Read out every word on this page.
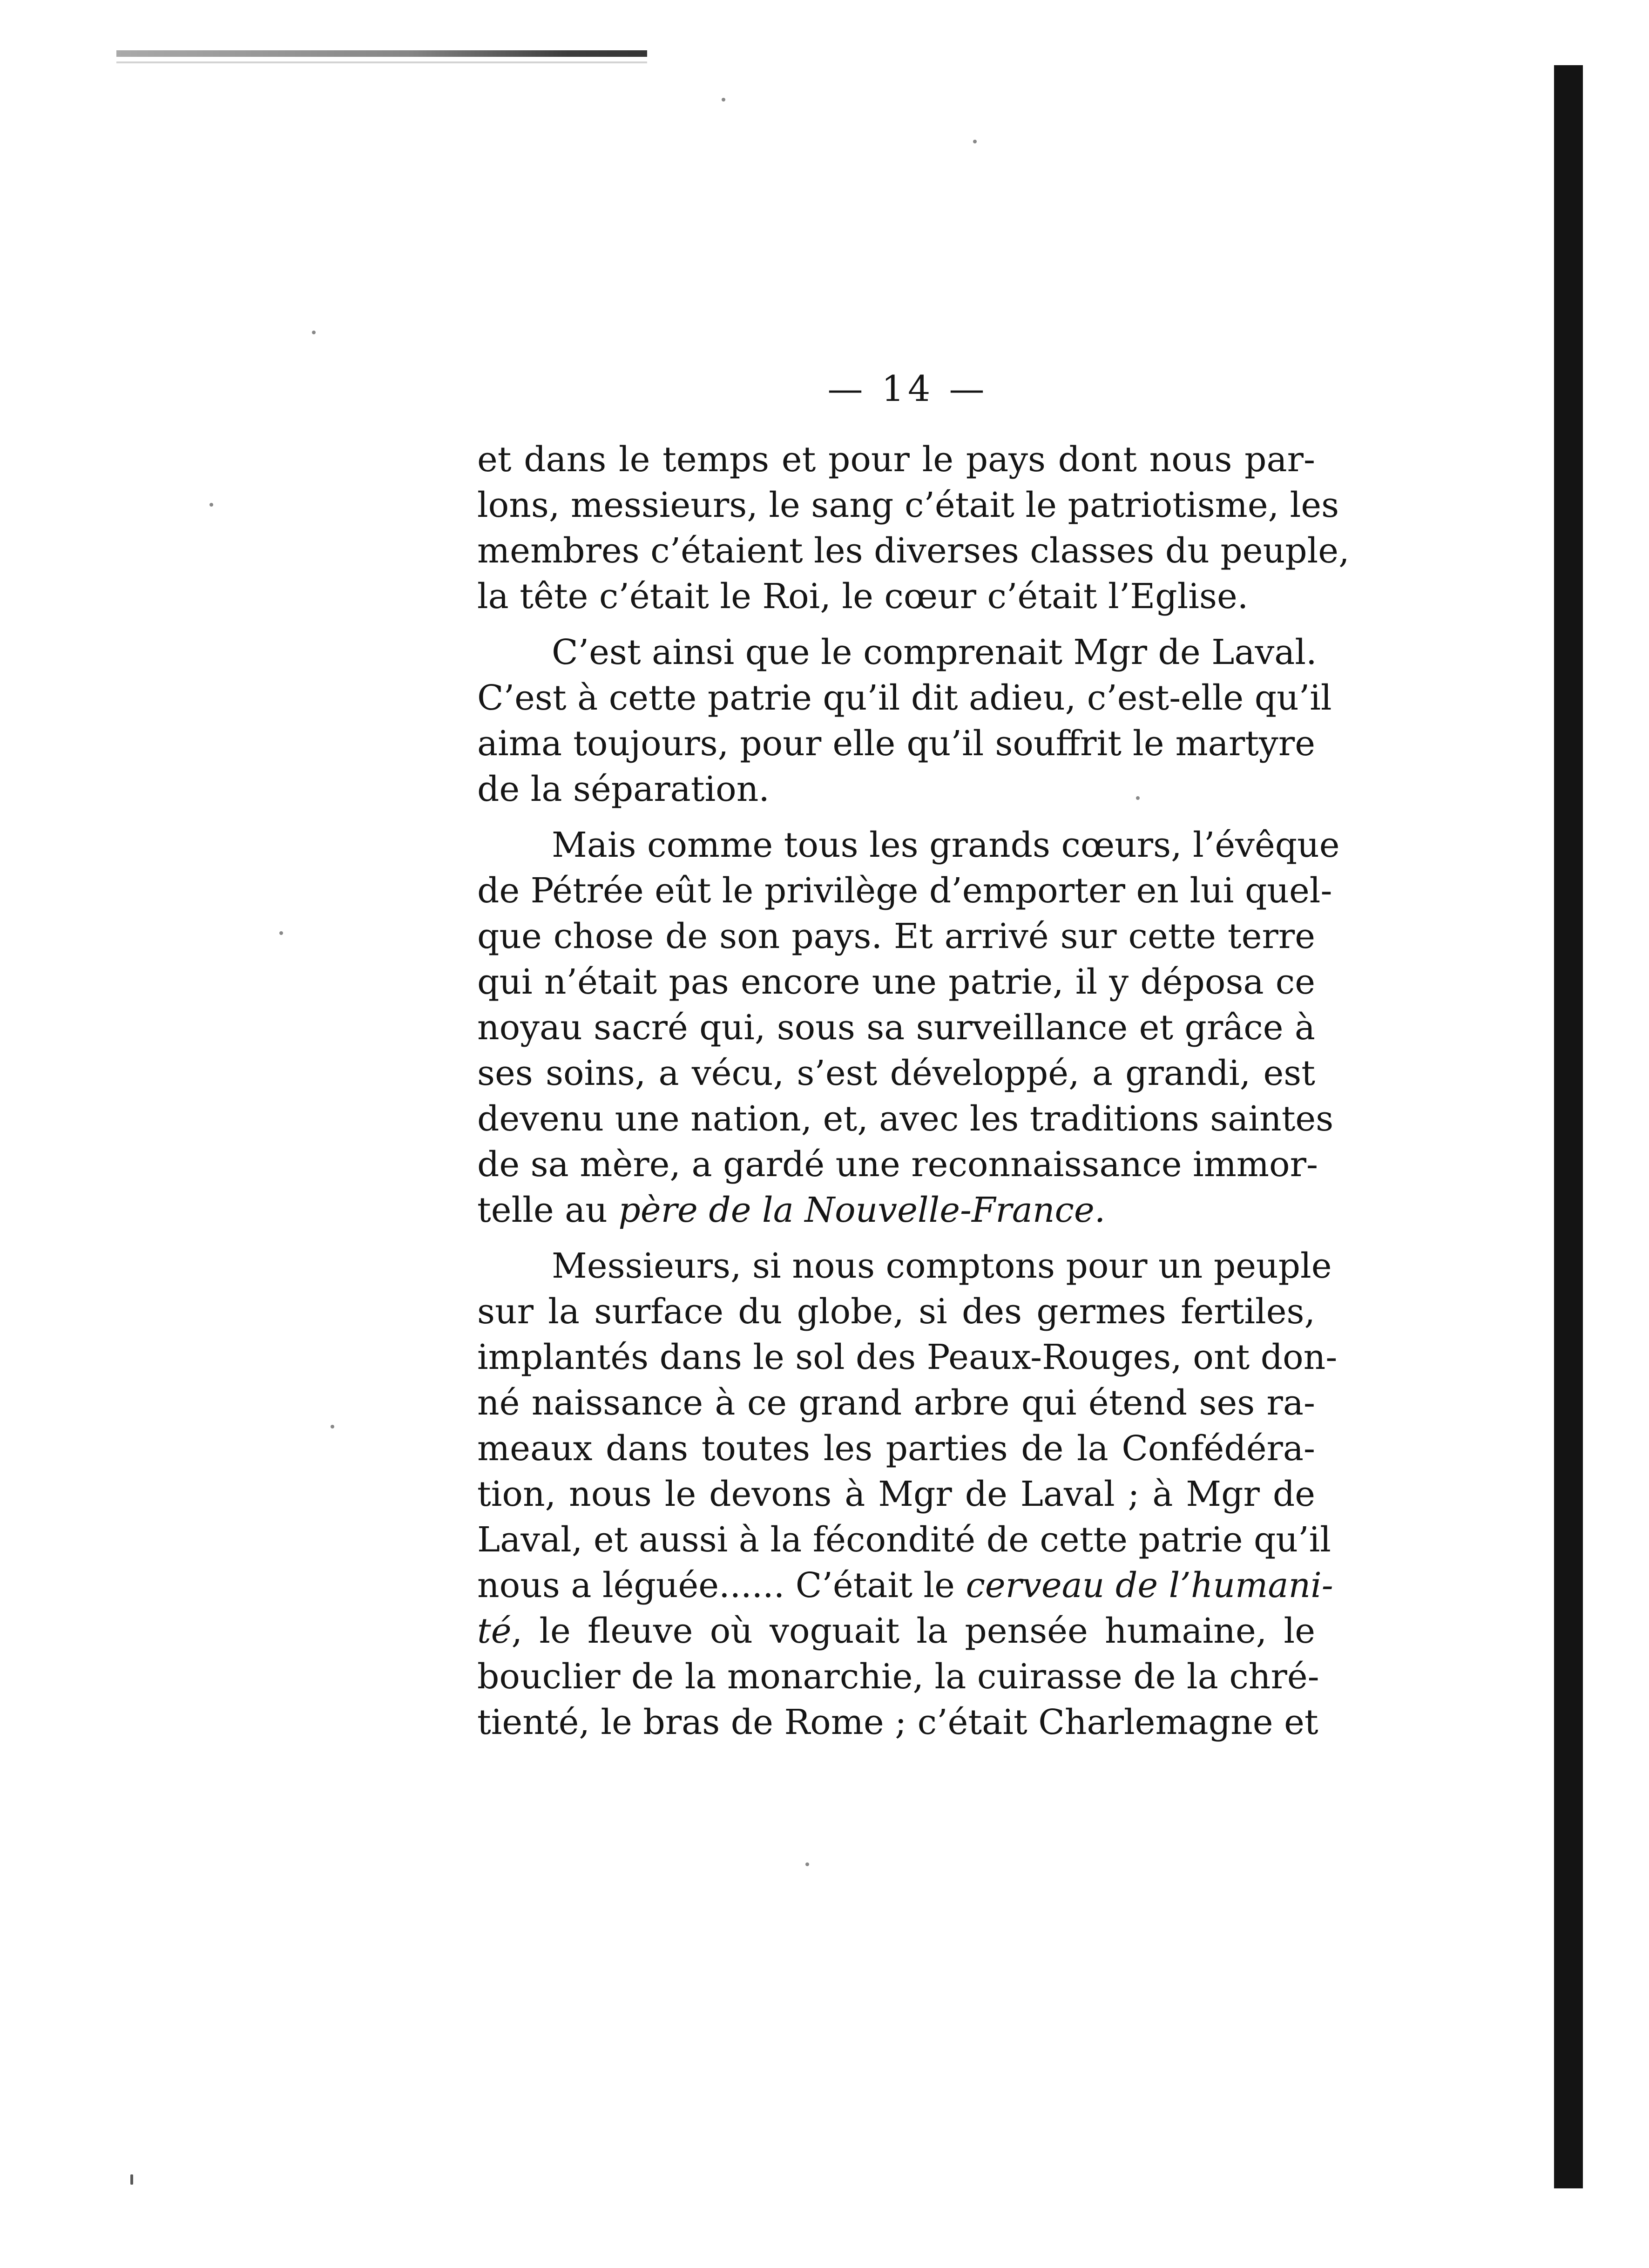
— 14 —
et dans le temps et pour le pays dont nous par-
lons, messieurs, le sang c’était le patriotisme, les
membres c’étaient les diverses classes du peuple,
la tête c’était le Roi, le cœur c’était l’Eglise.
C’est ainsi que le comprenait Mgr de Laval.
C’est à cette patrie qu’il dit adieu, c’est-elle qu’il
aima toujours, pour elle qu’il souffrit le martyre
de la séparation.
Mais comme tous les grands cœurs, l’évêque
de Pétrée eût le privilège d’emporter en lui quel-
que chose de son pays. Et arrivé sur cette terre
qui n’était pas encore une patrie, il y déposa ce
noyau sacré qui, sous sa surveillance et grâce à
ses soins, a vécu, s’est développé, a grandi, est
devenu une nation, et, avec les traditions saintes
de sa mère, a gardé une reconnaissance immor-
telle au père de la Nouvelle-France.
Messieurs, si nous comptons pour un peuple
sur la surface du globe, si des germes fertiles,
implantés dans le sol des Peaux-Rouges, ont don-
né naissance à ce grand arbre qui étend ses ra-
meaux dans toutes les parties de la Confédéra-
tion, nous le devons à Mgr de Laval ; à Mgr de
Laval, et aussi à la fécondité de cette patrie qu’il
nous a léguée...... C’était le cerveau de l’humani-
té, le fleuve où voguait la pensée humaine, le
bouclier de la monarchie, la cuirasse de la chré-
tienté, le bras de Rome ; c’était Charlemagne et
